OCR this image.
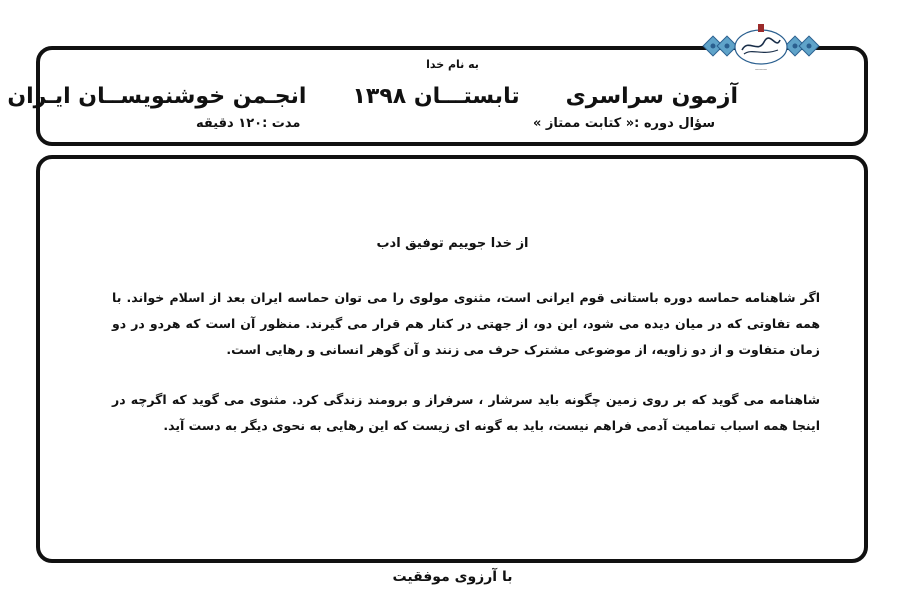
———
به نام خدا
آزمون سراسریتابستـــان ۱۳۹۸انجـمن خوشنویســان ایـران
سؤال دوره :« کتابت ممتاز »
مدت :۱۲۰ دقیقه
از خدا جوییم توفیق ادب
اگر شاهنامه حماسه دوره باستانی قوم ایرانی است، مثنوی مولوی را می توان حماسه ایران بعد از اسلام خواند. با همه تفاوتی که در میان دیده می شود، این دو، از جهتی در کنار هم قرار می گیرند. منظور آن است که هردو در دو زمان متفاوت و از دو زاویه، از موضوعی مشترک حرف می زنند و آن گوهر انسانی و رهایی است.
شاهنامه می گوید که بر روی زمین چگونه باید سرشار ، سرفراز و برومند زندگی کرد. مثنوی می گوید که اگرچه در اینجا همه اسباب تمامیت آدمی فراهم نیست، باید به گونه ای زیست که این رهایی به نحوی دیگر به دست آید.
با آرزوی موفقیت
